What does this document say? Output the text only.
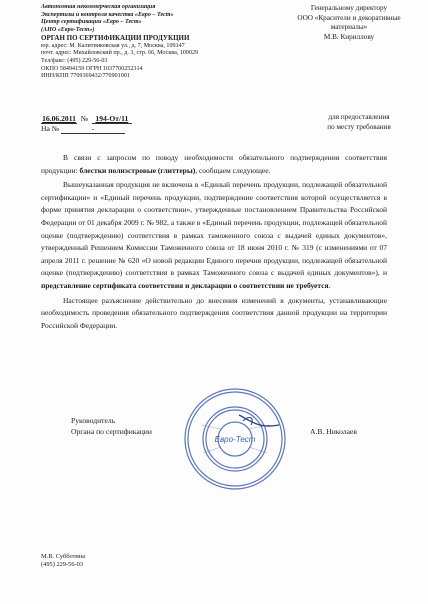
Автономная некоммерческая организация
Экспертизы и контроля качества «Евро – Тест»
Центр сертификации «Евро – Тест»
(АНО «Евро-Тест»)
ОРГАН ПО СЕРТИФИКАЦИИ ПРОДУКЦИИ
юр. адрес: М. Калитниковская ул., д. 7, Москва, 109147
почт. адрес: Михайловский пр., д. 3, стр. 66, Москва, 109029
Тел/факс: (495) 229-56-03
ОКПО 58494159 ОГРН 1037700252314
ИНН/КПП 7709369432/770901001
Генеральному директору
ООО «Красители и декоративные
материалы»
М.В. Кириллову
для предоставления
по месту требования
16.06.2011 № 194-От/11
На №	-

В связи с запросом по поводу необходимости обязательного подтверждения соответствия продукции: блестки полиэстровые (глиттеры), сообщаем следующее.

Вышеуказанная продукция не включена в «Единый перечень продукции, подлежащей обязательной сертификации» и «Единый перечень продукции, подтверждение соответствия которой осуществляется в форме принятия декларации о соответствии», утвержденные постановлением Правительства Российской Федерации от 01 декабря 2009 г. № 982, а также в «Единый перечень продукции, подлежащей обязательной оценке (подтверждению) соответствия в рамках таможенного союза с выдачей единых документов», утвержденный Решением Комиссии Таможенного союза от 18 июня 2010 г. № 319 (с изменениями от 07 апреля 2011 г. решение № 620 «О новой редакции Единого перечня продукции, подлежащей обязательной оценке (подтверждению) соответствия в рамках Таможенного союза с выдачей единых документов»), и представление сертификата соответствия и декларации о соответствии не требуется.

Настоящее разъяснение действительно до внесения изменений в документы, устанавливающие необходимость проведения обязательного подтверждения соответствия данной продукции на территории Российской Федерации.

Руководитель
Органа по сертификации	А.В. Николаев
Евро-Тест
М.В. Субботина
(495) 229-56-03
